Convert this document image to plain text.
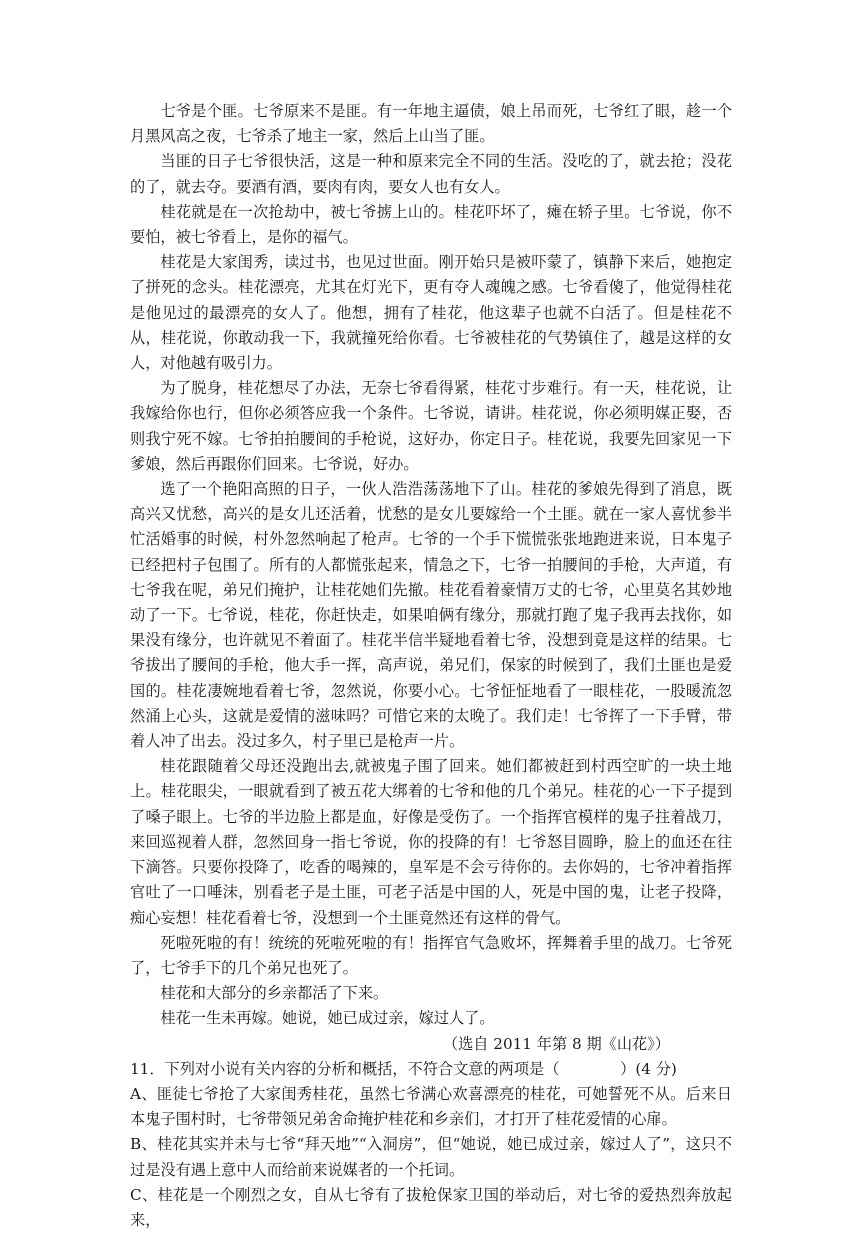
七爷是个匪。七爷原来不是匪。有一年地主逼债，娘上吊而死，七爷红了眼，趁一个月黑风高之夜，七爷杀了地主一家，然后上山当了匪。

当匪的日子七爷很快活，这是一种和原来完全不同的生活。没吃的了，就去抢；没花的了，就去夺。要酒有酒，要肉有肉，要女人也有女人。

桂花就是在一次抢劫中，被七爷掳上山的。桂花吓坏了，瘫在轿子里。七爷说，你不要怕，被七爷看上，是你的福气。

桂花是大家闺秀，读过书，也见过世面。刚开始只是被吓蒙了，镇静下来后，她抱定了拼死的念头。桂花漂亮，尤其在灯光下，更有夺人魂魄之感。七爷看傻了，他觉得桂花是他见过的最漂亮的女人了。他想，拥有了桂花，他这辈子也就不白活了。但是桂花不从，桂花说，你敢动我一下，我就撞死给你看。七爷被桂花的气势镇住了，越是这样的女人，对他越有吸引力。

为了脱身，桂花想尽了办法，无奈七爷看得紧，桂花寸步难行。有一天，桂花说，让我嫁给你也行，但你必须答应我一个条件。七爷说，请讲。桂花说，你必须明媒正娶，否则我宁死不嫁。七爷拍拍腰间的手枪说，这好办，你定日子。桂花说，我要先回家见一下爹娘，然后再跟你们回来。七爷说，好办。

选了一个艳阳高照的日子，一伙人浩浩荡荡地下了山。桂花的爹娘先得到了消息，既高兴又忧愁，高兴的是女儿还活着，忧愁的是女儿要嫁给一个土匪。就在一家人喜忧参半忙活婚事的时候，村外忽然响起了枪声。七爷的一个手下慌慌张张地跑进来说，日本鬼子已经把村子包围了。所有的人都慌张起来，情急之下，七爷一拍腰间的手枪，大声道，有七爷我在呢，弟兄们掩护，让桂花她们先撤。桂花看着豪情万丈的七爷，心里莫名其妙地动了一下。七爷说，桂花，你赶快走，如果咱俩有缘分，那就打跑了鬼子我再去找你，如果没有缘分，也许就见不着面了。桂花半信半疑地看着七爷，没想到竟是这样的结果。七爷拔出了腰间的手枪，他大手一挥，高声说，弟兄们，保家的时候到了，我们土匪也是爱国的。桂花凄婉地看着七爷，忽然说，你要小心。七爷怔怔地看了一眼桂花，一股暖流忽然涌上心头，这就是爱情的滋味吗？可惜它来的太晚了。我们走！七爷挥了一下手臂，带着人冲了出去。没过多久，村子里已是枪声一片。

桂花跟随着父母还没跑出去,就被鬼子围了回来。她们都被赶到村西空旷的一块土地上。桂花眼尖，一眼就看到了被五花大绑着的七爷和他的几个弟兄。桂花的心一下子提到了嗓子眼上。七爷的半边脸上都是血，好像是受伤了。一个指挥官模样的鬼子拄着战刀，来回巡视着人群，忽然回身一指七爷说，你的投降的有！七爷怒目圆睁，脸上的血还在往下滴答。只要你投降了，吃香的喝辣的，皇军是不会亏待你的。去你妈的，七爷冲着指挥官吐了一口唾沫，别看老子是土匪，可老子活是中国的人，死是中国的鬼，让老子投降，痴心妄想！桂花看着七爷，没想到一个土匪竟然还有这样的骨气。

死啦死啦的有！统统的死啦死啦的有！指挥官气急败坏，挥舞着手里的战刀。七爷死了，七爷手下的几个弟兄也死了。

桂花和大部分的乡亲都活了下来。

桂花一生未再嫁。她说，她已成过亲，嫁过人了。

（选自 2011 年第 8 期《山花》）

11．下列对小说有关内容的分析和概括，不符合文意的两项是（　　　　）(4 分)

A、匪徒七爷抢了大家闺秀桂花，虽然七爷满心欢喜漂亮的桂花，可她誓死不从。后来日本鬼子围村时，七爷带领兄弟舍命掩护桂花和乡亲们，才打开了桂花爱情的心扉。

B、桂花其实并未与七爷“拜天地”“入洞房”，但“她说，她已成过亲，嫁过人了”，这只不过是没有遇上意中人而给前来说媒者的一个托词。

C、桂花是一个刚烈之女，自从七爷有了拔枪保家卫国的举动后，对七爷的爱热烈奔放起来，
